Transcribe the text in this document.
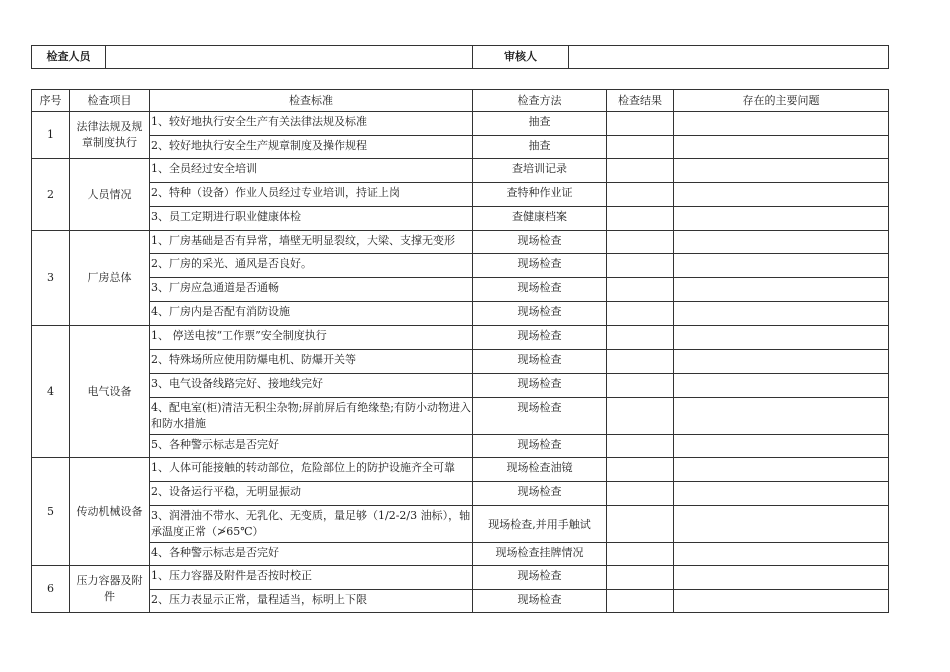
检查人员		审核人	
序号	检查项目	检查标准	检查方法	检查结果	存在的主要问题
1	法律法规及规章制度执行	1、较好地执行安全生产有关法律法规及标准	抽查		
		2、较好地执行安全生产规章制度及操作规程	抽查		
2	人员情况	1、全员经过安全培训	查培训记录		
		2、特种（设备）作业人员经过专业培训，持证上岗	查特种作业证		
		3、员工定期进行职业健康体检	查健康档案		
3	厂房总体	1、厂房基础是否有异常，墙壁无明显裂纹，大梁、支撑无变形	现场检查		
		2、厂房的采光、通风是否良好。	现场检查		
		3、厂房应急通道是否通畅	现场检查		
		4、厂房内是否配有消防设施	现场检查		
4	电气设备	1、 停送电按“工作票”安全制度执行	现场检查		
		2、特殊场所应使用防爆电机、防爆开关等	现场检查		
		3、电气设备线路完好、接地线完好	现场检查		
		4、配电室(柜)清洁无积尘杂物;屏前屏后有绝缘垫;有防小动物进入和防水措施	现场检查		
		5、各种警示标志是否完好	现场检查		
5	传动机械设备	1、人体可能接触的转动部位，危险部位上的防护设施齐全可靠	现场检查油镜		
		2、设备运行平稳，无明显振动	现场检查		
		3、润滑油不带水、无乳化、无变质，量足够（1/2-2/3 油标），轴承温度正常（≯65℃）	现场检查,并用手触试		
		4、各种警示标志是否完好	现场检查挂牌情况		
6	压力容器及附件	1、压力容器及附件是否按时校正	现场检查		
		2、压力表显示正常，量程适当，标明上下限	现场检查		
